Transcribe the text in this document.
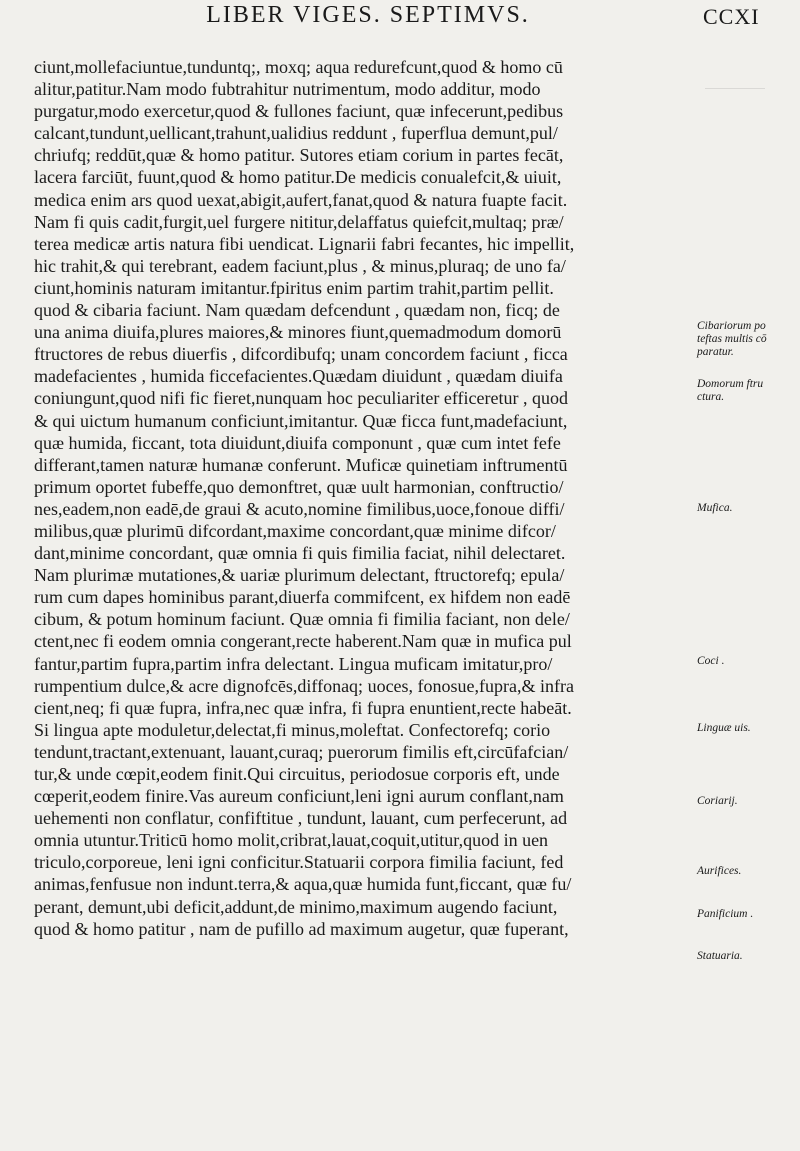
LIBER VIGES. SEPTIMVS.	CCXI
ciunt,mollefaciuntue,tunduntq;, moxq; aqua redurefcunt,quod & homo cū
alitur,patitur.Nam modo fubtrahitur nutrimentum, modo additur, modo
purgatur,modo exercetur,quod & fullones faciunt, quæ infecerunt,pedibus
calcant,tundunt,uellicant,trahunt,ualidius reddunt , fuperflua demunt,pul/
chriufq; reddūt,quæ & homo patitur. Sutores etiam corium in partes fecāt,
lacera farciūt, fuunt,quod & homo patitur.De medicis conualefcit,& uiuit,
medica enim ars quod uexat,abigit,aufert,fanat,quod & natura fuapte facit.
Nam fi quis cadit,furgit,uel furgere nititur,delaffatus quiefcit,multaq; præ/
terea medicæ artis natura fibi uendicat. Lignarii fabri fecantes, hic impellit,
hic trahit,& qui terebrant, eadem faciunt,plus , & minus,pluraq; de uno fa/
ciunt,hominis naturam imitantur.fpiritus enim partim trahit,partim pellit.
quod & cibaria faciunt. Nam quædam defcendunt , quædam non, ficq; de
una anima diuifa,plures maiores,& minores fiunt,quemadmodum domorū
ftructores de rebus diuerfis , difcordibufq; unam concordem faciunt , ficca
madefacientes , humida ficcefacientes.Quædam diuidunt , quædam diuifa
coniungunt,quod nifi fic fieret,nunquam hoc peculiariter efficeretur , quod
& qui uictum humanum conficiunt,imitantur. Quæ ficca funt,madefaciunt,
quæ humida, ficcant, tota diuidunt,diuifa componunt , quæ cum intet fefe
differant,tamen naturæ humanæ conferunt. Muficæ quinetiam inftrumentū
primum oportet fubeffe,quo demonftret, quæ uult harmonian, conftructio/
nes,eadem,non eadē,de graui & acuto,nomine fimilibus,uoce,fonoue diffi/
milibus,quæ plurimū difcordant,maxime concordant,quæ minime difcor/
dant,minime concordant, quæ omnia fi quis fimilia faciat, nihil delectaret.
Nam plurimæ mutationes,& uariæ plurimum delectant, ftructorefq; epula/
rum cum dapes hominibus parant,diuerfa commifcent, ex hifdem non eadē
cibum, & potum hominum faciunt. Quæ omnia fi fimilia faciant, non dele/
ctent,nec fi eodem omnia congerant,recte haberent.Nam quæ in mufica pul
fantur,partim fupra,partim infra delectant. Lingua muficam imitatur,pro/
rumpentium dulce,& acre dignofcēs,diffonaq; uoces, fonosue,fupra,& infra
cient,neq; fi quæ fupra, infra,nec quæ infra, fi fupra enuntient,recte habeāt.
Si lingua apte moduletur,delectat,fi minus,moleftat. Confectorefq; corio
tendunt,tractant,extenuant, lauant,curaq; puerorum fimilis eft,circūfafcian/
tur,& unde cœpit,eodem finit.Qui circuitus, periodosue corporis eft, unde
cœperit,eodem finire.Vas aureum conficiunt,leni igni aurum conflant,nam
uehementi non conflatur, confiftitue , tundunt, lauant, cum perfecerunt, ad
omnia utuntur.Triticū homo molit,cribrat,lauat,coquit,utitur,quod in uen
triculo,corporeue, leni igni conficitur.Statuarii corpora fimilia faciunt, fed
animas,fenfusue non indunt.terra,& aqua,quæ humida funt,ficcant, quæ fu/
perant, demunt,ubi deficit,addunt,de minimo,maximum augendo faciunt,
quod & homo patitur , nam de pufillo ad maximum augetur, quæ fuperant,
Cibariorum po
teftas multis cō
paratur.
Domorum ftru
ctura.
Mufica.
Coci .
Linguæ uis.
Coriarij.
Aurifices.
Panificium .
Statuaria.
